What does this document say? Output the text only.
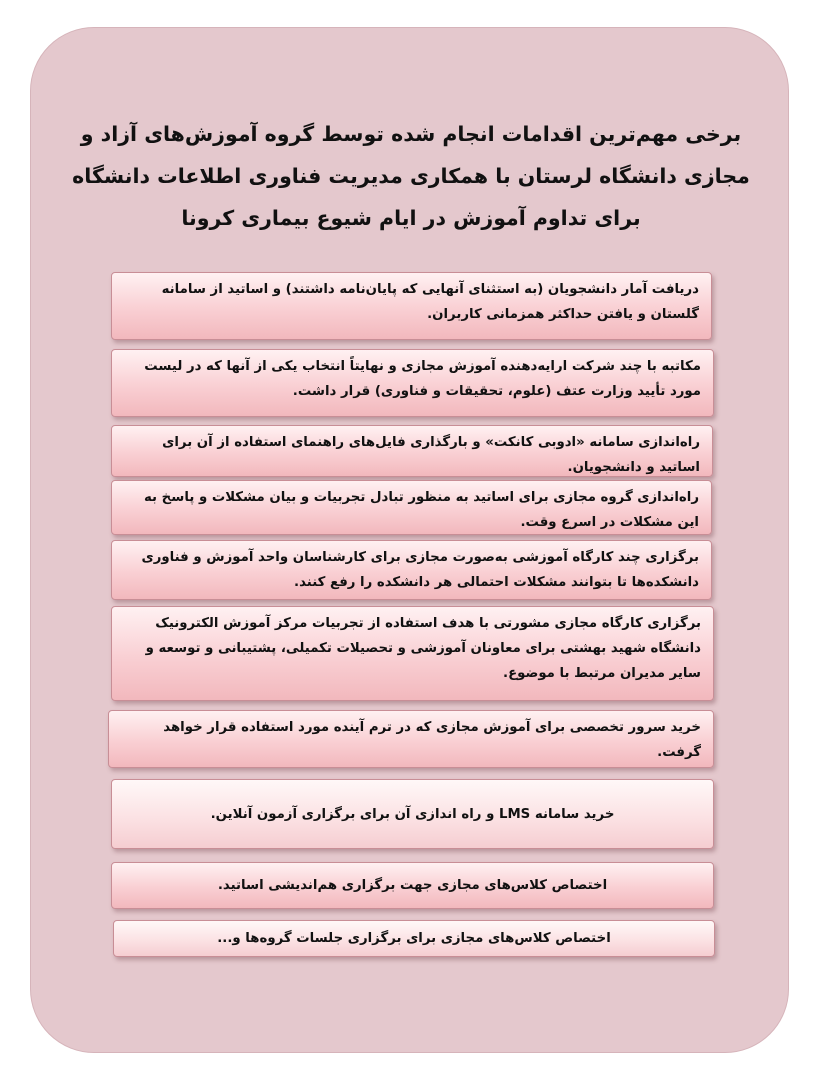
برخی مهم‌ترین اقدامات انجام شده توسط گروه آموزش‌های آزاد و مجازی دانشگاه لرستان با همکاری مدیریت فناوری اطلاعات دانشگاه برای تداوم آموزش در ایام شیوع بیماری کرونا
دریافت آمار دانشجویان (به استثنای آنهایی که پایان‌نامه داشتند) و اساتید از سامانه گلستان و یافتن حداکثر همزمانی کاربران.
مکاتبه با چند شرکت ارایه‌دهنده آموزش مجازی و نهایتاً انتخاب یکی از آنها که در لیست مورد تأیید وزارت عتف (علوم، تحقیقات و فناوری) قرار داشت.
راه‌اندازی سامانه «ادوبی کانکت» و بارگذاری فایل‌های راهنمای استفاده از آن برای اساتید و دانشجویان.
راه‌اندازی گروه مجازی برای اساتید به منظور تبادل تجربیات و بیان مشکلات و پاسخ به این مشکلات در اسرع وقت.
برگزاری چند کارگاه آموزشی به‌صورت مجازی برای کارشناسان واحد آموزش و فناوری دانشکده‌ها تا بتوانند مشکلات احتمالی هر دانشکده را رفع کنند.
برگزاری کارگاه مجازی مشورتی با هدف استفاده از تجربیات مرکز آموزش الکترونیک دانشگاه شهید بهشتی برای معاونان آموزشی و تحصیلات تکمیلی، پشتیبانی و توسعه و سایر مدیران مرتبط با موضوع.
خرید سرور تخصصی برای آموزش مجازی که در ترم آینده مورد استفاده قرار خواهد گرفت.
خرید سامانه LMS و راه اندازی آن برای برگزاری آزمون آنلاین.
اختصاص کلاس‌های مجازی جهت برگزاری هم‌اندیشی اساتید.
اختصاص کلاس‌های مجازی برای برگزاری جلسات گروه‌ها و...
